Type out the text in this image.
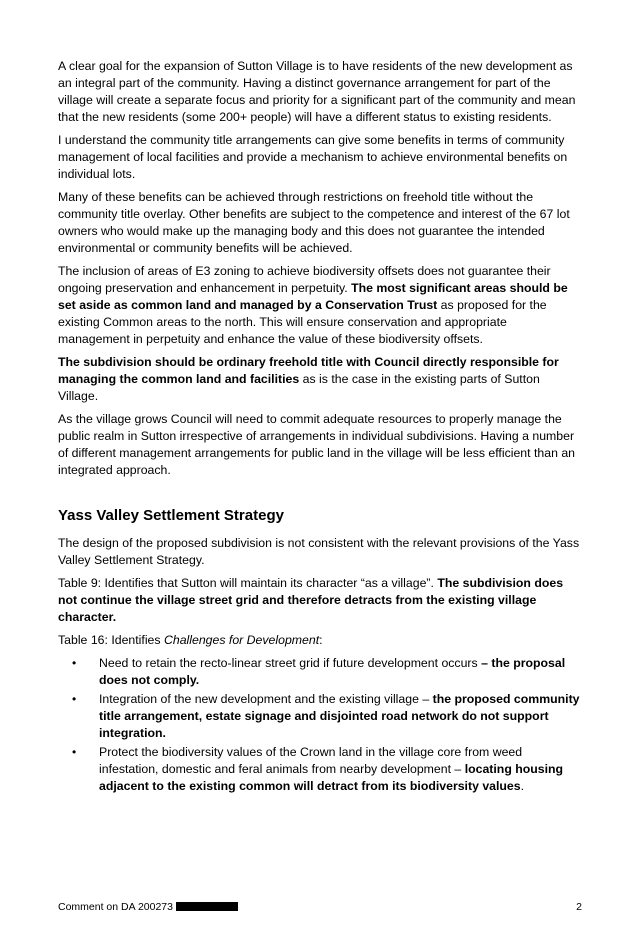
A clear goal for the expansion of Sutton Village is to have residents of the new development as an integral part of the community. Having a distinct governance arrangement for part of the village will create a separate focus and priority for a significant part of the community and mean that the new residents (some 200+ people) will have a different status to existing residents.

I understand the community title arrangements can give some benefits in terms of community management of local facilities and provide a mechanism to achieve environmental benefits on individual lots.

Many of these benefits can be achieved through restrictions on freehold title without the community title overlay. Other benefits are subject to the competence and interest of the 67 lot owners who would make up the managing body and this does not guarantee the intended environmental or community benefits will be achieved.

The inclusion of areas of E3 zoning to achieve biodiversity offsets does not guarantee their ongoing preservation and enhancement in perpetuity. The most significant areas should be set aside as common land and managed by a Conservation Trust as proposed for the existing Common areas to the north. This will ensure conservation and appropriate management in perpetuity and enhance the value of these biodiversity offsets.

The subdivision should be ordinary freehold title with Council directly responsible for managing the common land and facilities as is the case in the existing parts of Sutton Village.

As the village grows Council will need to commit adequate resources to properly manage the public realm in Sutton irrespective of arrangements in individual subdivisions. Having a number of different management arrangements for public land in the village will be less efficient than an integrated approach.

Yass Valley Settlement Strategy

The design of the proposed subdivision is not consistent with the relevant provisions of the Yass Valley Settlement Strategy.

Table 9: Identifies that Sutton will maintain its character “as a village”. The subdivision does not continue the village street grid and therefore detracts from the existing village character.

Table 16: Identifies Challenges for Development:

• Need to retain the recto-linear street grid if future development occurs – the proposal does not comply.
• Integration of the new development and the existing village – the proposed community title arrangement, estate signage and disjointed road network do not support integration.
• Protect the biodiversity values of the Crown land in the village core from weed infestation, domestic and feral animals from nearby development – locating housing adjacent to the existing common will detract from its biodiversity values.
Comment on DA 200273	2
